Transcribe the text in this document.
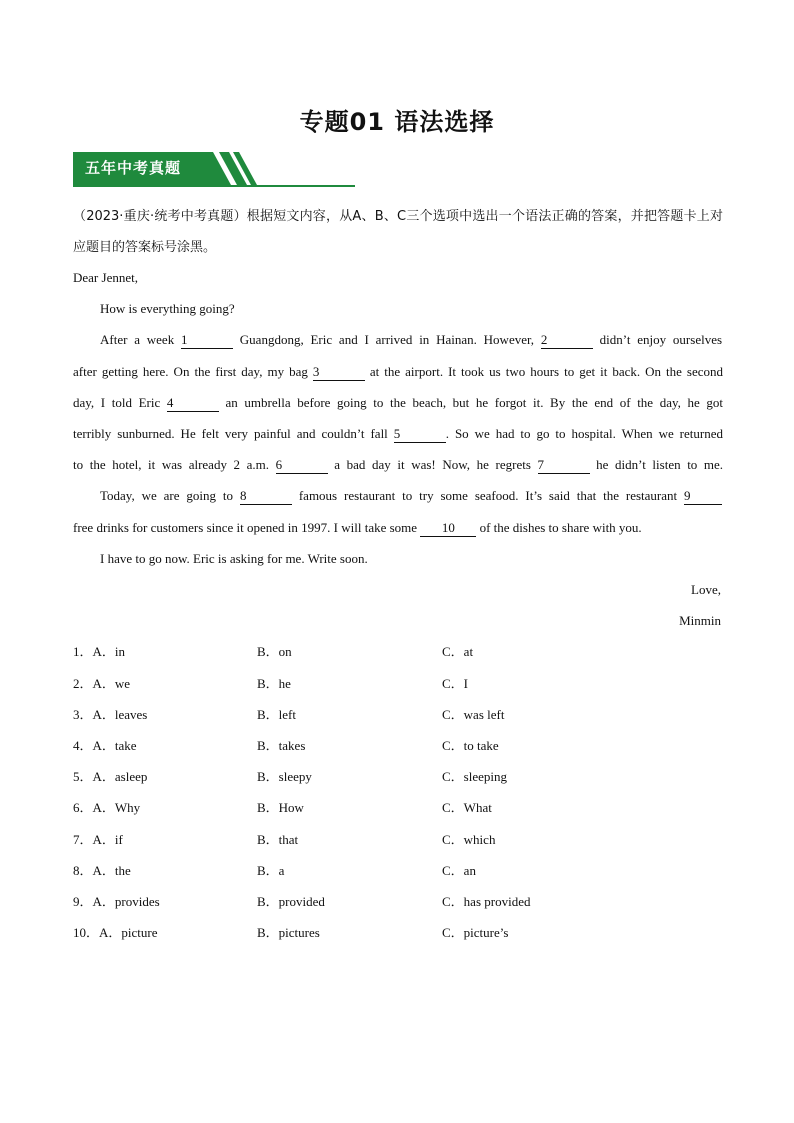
专题01 语法选择
五年中考真题
（2023·重庆·统考中考真题）根据短文内容，从A、B、C三个选项中选出一个语法正确的答案，并把答题卡上对应题目的答案标号涂黑。
Dear Jennet,
How is everything going?
After a week 1	Guangdong, Eric and I arrived in Hainan. However, 2	didn’t enjoy ourselves
after getting here. On the first day, my bag 3	at the airport. It took us two hours to get it back. On the second
day, I told Eric 4	an umbrella before going to the beach, but he forgot it. By the end of the day, he got
terribly sunburned. He felt very painful and couldn’t fall 5	. So we had to go to hospital. When we returned
to the hotel, it was already 2 a.m. 6	a bad day it was! Now, he regrets 7	he didn’t listen to me.
Today, we are going to 8	famous restaurant to try some seafood. It’s said that the restaurant 9
free drinks for customers since it opened in 1997. I will take some 10 of the dishes to share with you.
I have to go now. Eric is asking for me. Write soon.
Love,
Minmin
1．A．in	B．on	C．at
2．A．we	B．he	C．I
3．A．leaves	B．left	C．was left
4．A．take	B．takes	C．to take
5．A．asleep	B．sleepy	C．sleeping
6．A．Why	B．How	C．What
7．A．if	B．that	C．which
8．A．the	B．a	C．an
9．A．provides	B．provided	C．has provided
10．A．picture	B．pictures	C．picture’s
